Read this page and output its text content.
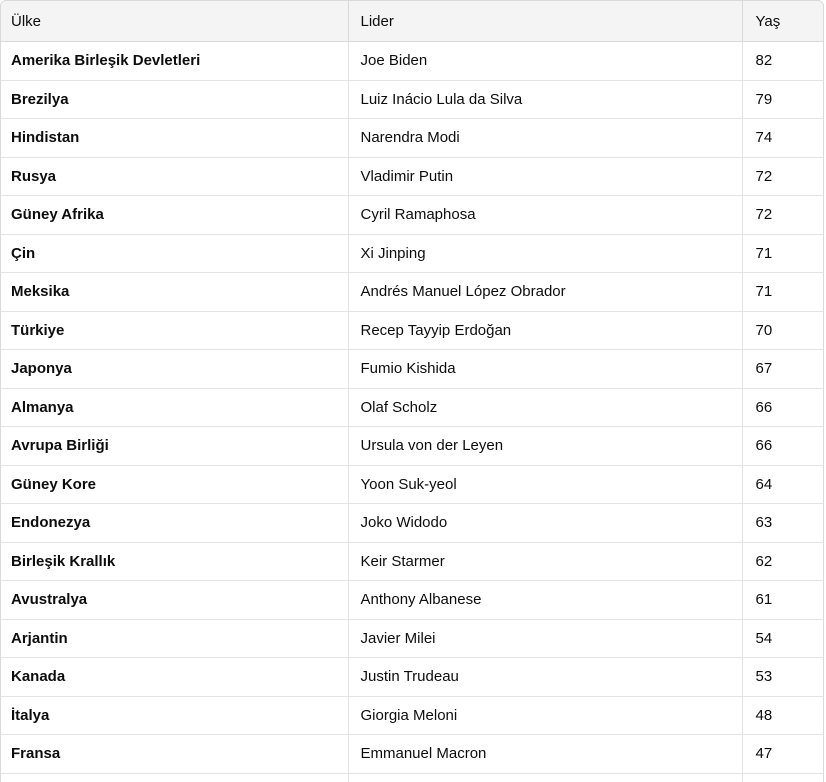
Ülke	Lider	Yaş
Amerika Birleşik Devletleri	Joe Biden	82
Brezilya	Luiz Inácio Lula da Silva	79
Hindistan	Narendra Modi	74
Rusya	Vladimir Putin	72
Güney Afrika	Cyril Ramaphosa	72
Çin	Xi Jinping	71
Meksika	Andrés Manuel López Obrador	71
Türkiye	Recep Tayyip Erdoğan	70
Japonya	Fumio Kishida	67
Almanya	Olaf Scholz	66
Avrupa Birliği	Ursula von der Leyen	66
Güney Kore	Yoon Suk-yeol	64
Endonezya	Joko Widodo	63
Birleşik Krallık	Keir Starmer	62
Avustralya	Anthony Albanese	61
Arjantin	Javier Milei	54
Kanada	Justin Trudeau	53
İtalya	Giorgia Meloni	48
Fransa	Emmanuel Macron	47
